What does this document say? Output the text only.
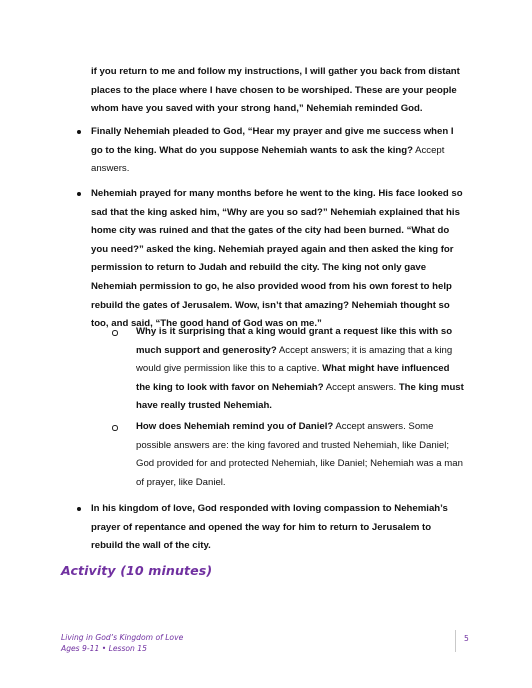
if you return to me and follow my instructions, I will gather you back from distant
places to the place where I have chosen to be worshiped. These are your people
whom have you saved with your strong hand,” Nehemiah reminded God.
Finally Nehemiah pleaded to God, “Hear my prayer and give me success when I go to the king. What do you suppose Nehemiah wants to ask the king? Accept answers.
Nehemiah prayed for many months before he went to the king. His face looked so sad that the king asked him, “Why are you so sad?” Nehemiah explained that his home city was ruined and that the gates of the city had been burned. “What do you need?” asked the king. Nehemiah prayed again and then asked the king for permission to return to Judah and rebuild the city. The king not only gave Nehemiah permission to go, he also provided wood from his own forest to help rebuild the gates of Jerusalem. Wow, isn’t that amazing? Nehemiah thought so too, and said, “The good hand of God was on me.”
Why is it surprising that a king would grant a request like this with so much support and generosity? Accept answers; it is amazing that a king would give permission like this to a captive. What might have influenced the king to look with favor on Nehemiah? Accept answers. The king must have really trusted Nehemiah.
How does Nehemiah remind you of Daniel? Accept answers. Some possible answers are: the king favored and trusted Nehemiah, like Daniel; God provided for and protected Nehemiah, like Daniel; Nehemiah was a man of prayer, like Daniel.
In his kingdom of love, God responded with loving compassion to Nehemiah’s prayer of repentance and opened the way for him to return to Jerusalem to rebuild the wall of the city.
Activity (10 minutes)
Living in God’s Kingdom of Love
Ages 9-11 • Lesson 15
5
